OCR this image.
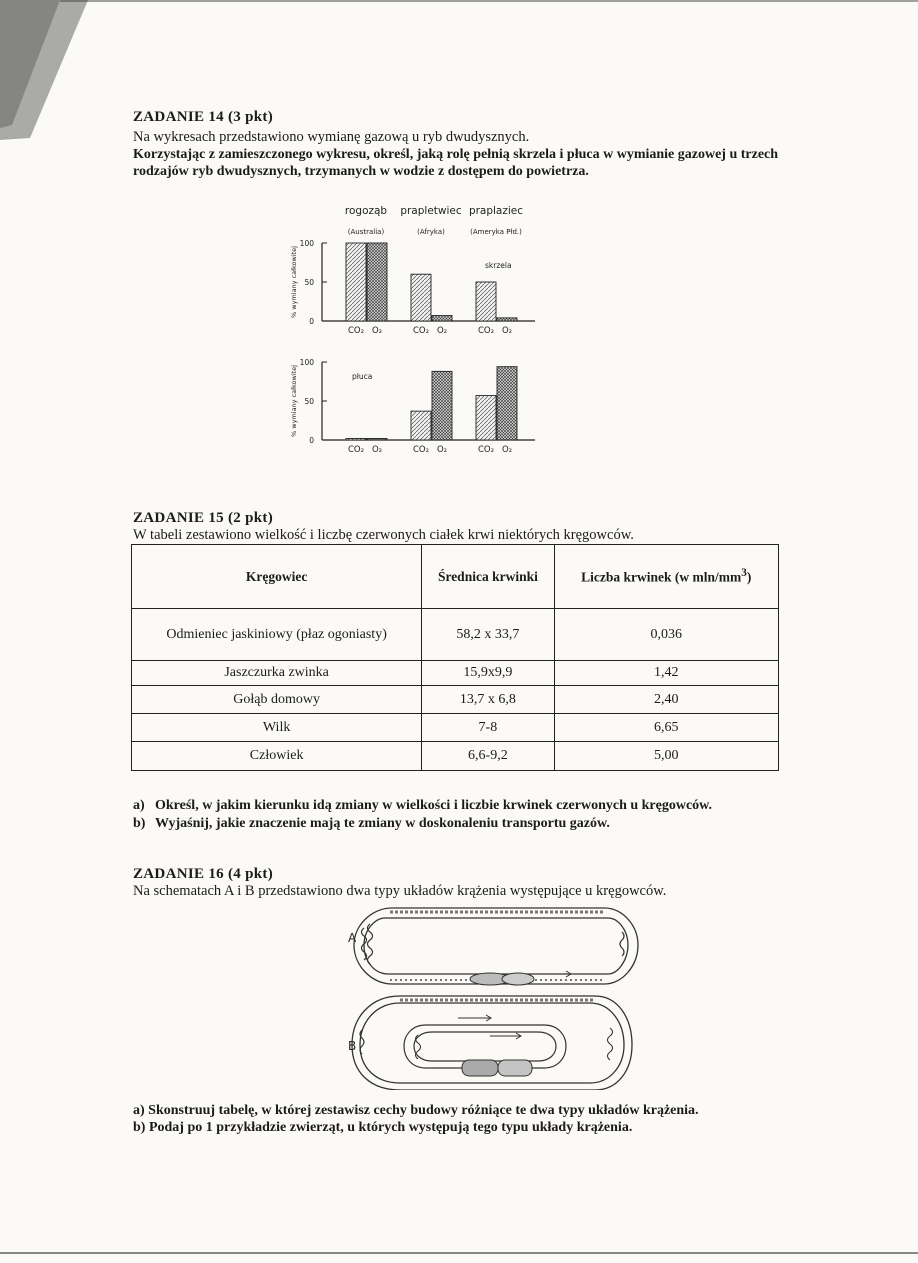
ZADANIE 14 (3 pkt)
Na wykresach przedstawiono wymianę gazową u ryb dwudysznych.
Korzystając z zamieszczonego wykresu, określ, jaką rolę pełnią skrzela i płuca w wymianie gazowej u trzech
rodzajów ryb dwudysznych, trzymanych w wodzie z dostępem do powietrza.
rogoząb
(Australia)
prapletwiec
(Afryka)
praplaziec
(Ameryka Płd.)
0
50
100
% wymiany całkowitej	skrzela
CO₂ O₂	CO₂ O₂	CO₂ O₂
0
50
100
% wymiany całkowitej	płuca
CO₂ O₂	CO₂ O₂	CO₂ O₂
ZADANIE 15 (2 pkt)
W tabeli zestawiono wielkość i liczbę czerwonych ciałek krwi niektórych kręgowców.
Kręgowiec	Średnica krwinki	Liczba krwinek (w mln/$mm^3$)
Odmieniec jaskiniowy (płaz ogoniasty)	58,2 x 33,7	0,036
Jaszczurka zwinka	15,9x9,9	1,42
Gołąb domowy	13,7 x 6,8	2,40
Wilk	7-8	6,65
Człowiek	6,6-9,2	5,00
a) Określ, w jakim kierunku idą zmiany w wielkości i liczbie krwinek czerwonych u kręgowców.
b) Wyjaśnij, jakie znaczenie mają te zmiany w doskonaleniu transportu gazów.
ZADANIE 16 (4 pkt)
Na schematach A i B przedstawiono dwa typy układów krążenia występujące u kręgowców.
A
B
a) Skonstruuj tabelę, w której zestawisz cechy budowy różniące te dwa typy układów krążenia.
b) Podaj po 1 przykładzie zwierząt, u których występują tego typu układy krążenia.
